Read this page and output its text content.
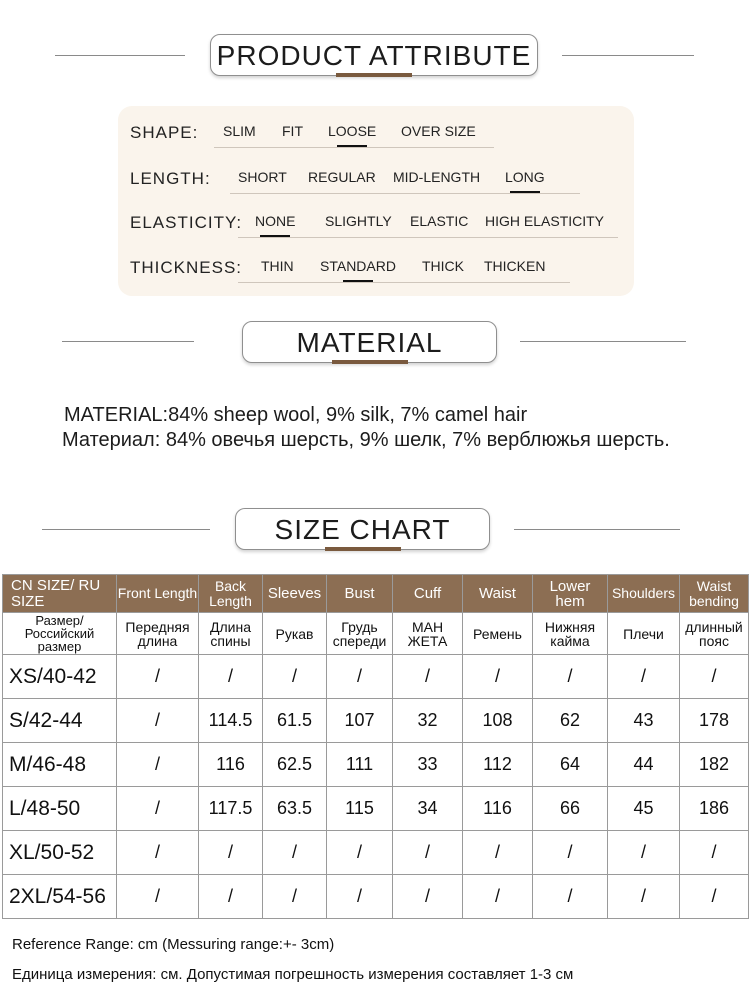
PRODUCT ATTRIBUTE
SHAPE: SLIM FIT LOOSE OVER SIZE
LENGTH: SHORT REGULAR MID-LENGTH LONG
ELASTICITY: NONE SLIGHTLY ELASTIC HIGH ELASTICITY
THICKNESS: THIN STANDARD THICK THICKEN
MATERIAL
MATERIAL:84% sheep wool, 9% silk, 7% camel hair
Материал: 84% овечья шерсть, 9% шелк, 7% верблюжья шерсть.
SIZE CHART
CN SIZE/ RU SIZE	Front Length	Back Length	Sleeves	Bust	Cuff	Waist	Lower hem	Shoulders	Waist bending
Размер/ Российский размер	Передняя длина	Длина спины	Рукав	Грудь спереди	МАН ЖЕТА	Ремень	Нижняя кайма	Плечи	длинный пояс
XS/40-42	/	/	/	/	/	/	/	/	/
S/42-44	/	114.5	61.5	107	32	108	62	43	178
M/46-48	/	116	62.5	111	33	112	64	44	182
L/48-50	/	117.5	63.5	115	34	116	66	45	186
XL/50-52	/	/	/	/	/	/	/	/	/
2XL/54-56	/	/	/	/	/	/	/	/	/
Reference Range: cm (Messuring range:+- 3cm)
Единица измерения: см. Допустимая погрешность измерения составляет 1-3 см
